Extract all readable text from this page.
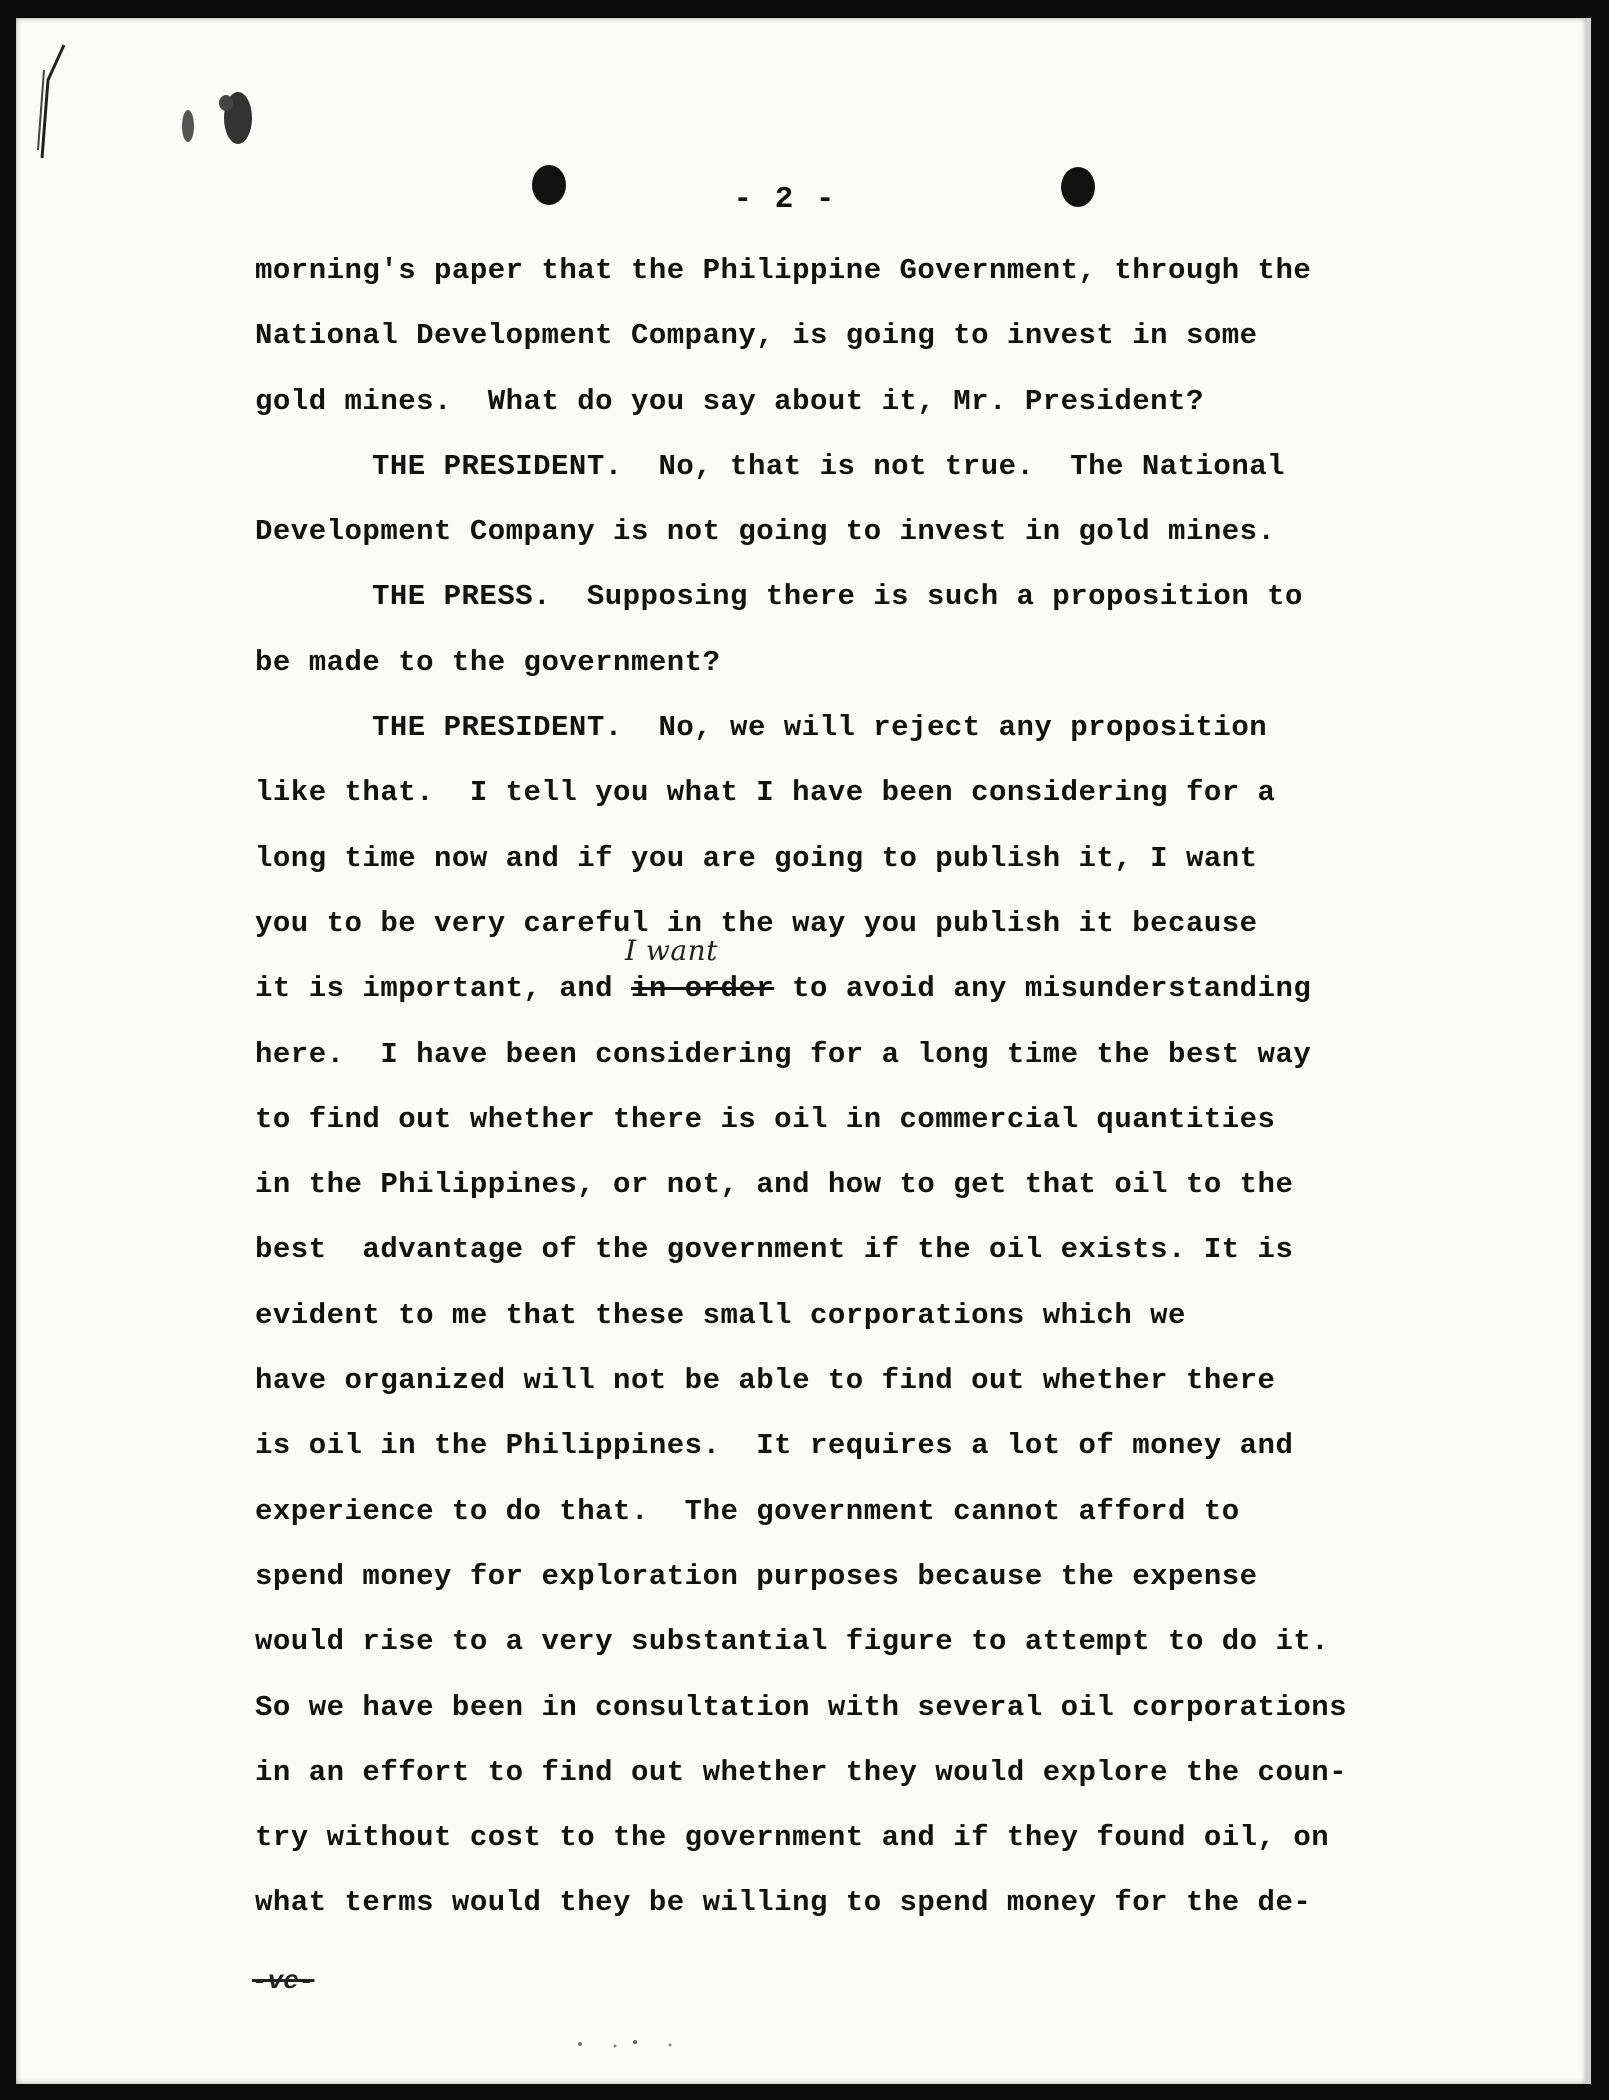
- 2 -
morning's paper that the Philippine Government, through the
National Development Company, is going to invest in some
gold mines.  What do you say about it, Mr. President?
THE PRESIDENT.  No, that is not true.  The National
Development Company is not going to invest in gold mines.
THE PRESS.  Supposing there is such a proposition to
be made to the government?
THE PRESIDENT.  No, we will reject any proposition
like that.  I tell you what I have been considering for a
long time now and if you are going to publish it, I want
you to be very careful in the way you publish it because
it is important, and
I want
in order to avoid any misunderstanding
here.  I have been considering for a long time the best way
to find out whether there is oil in commercial quantities
in the Philippines, or not, and how to get that oil to the
best  advantage of the government if the oil exists. It is
evident to me that these small corporations which we
have organized will not be able to find out whether there
is oil in the Philippines.  It requires a lot of money and
experience to do that.  The government cannot afford to
spend money for exploration purposes because the expense
would rise to a very substantial figure to attempt to do it.
So we have been in consultation with several oil corporations
in an effort to find out whether they would explore the coun-
try without cost to the government and if they found oil, on
what terms would they be willing to spend money for the de-
-ve-
